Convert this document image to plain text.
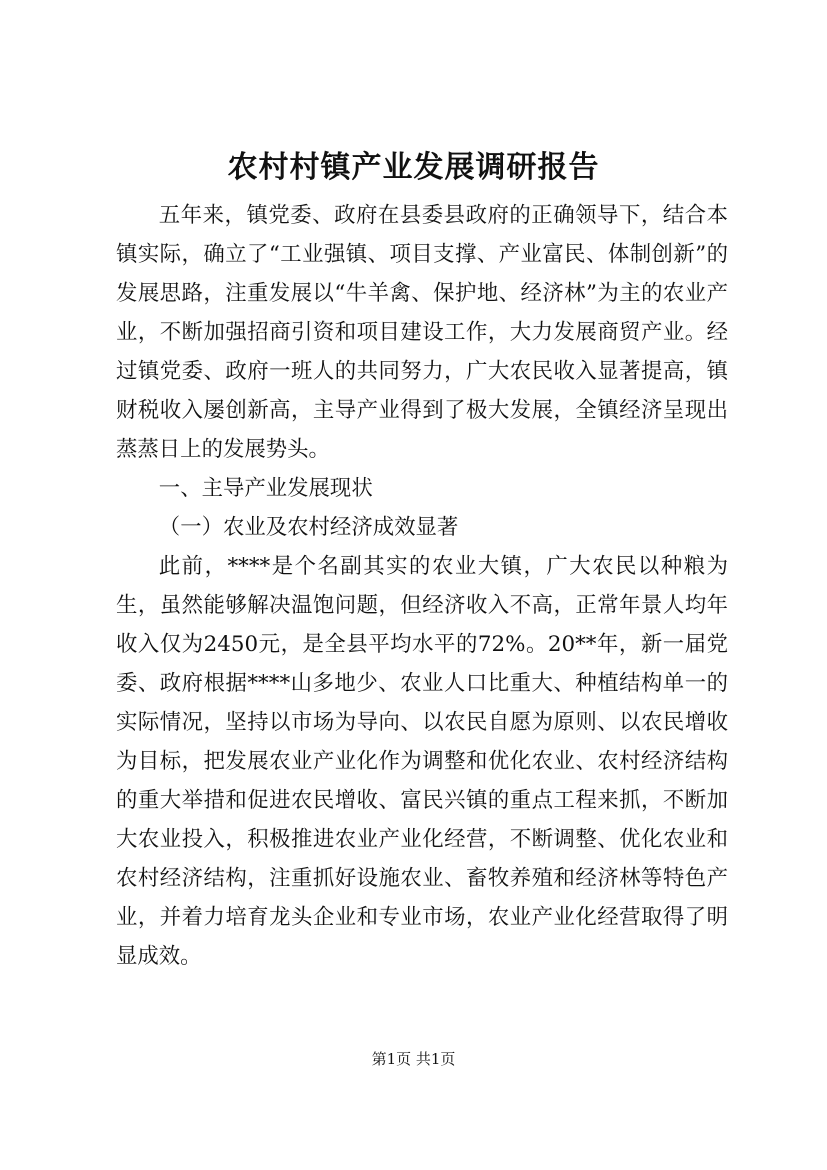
农村村镇产业发展调研报告

五年来，镇党委、政府在县委县政府的正确领导下，结合本镇实际，确立了“工业强镇、项目支撑、产业富民、体制创新”的发展思路，注重发展以“牛羊禽、保护地、经济林”为主的农业产业，不断加强招商引资和项目建设工作，大力发展商贸产业。经过镇党委、政府一班人的共同努力，广大农民收入显著提高，镇财税收入屡创新高，主导产业得到了极大发展，全镇经济呈现出蒸蒸日上的发展势头。

一、主导产业发展现状

（一）农业及农村经济成效显著

此前，****是个名副其实的农业大镇，广大农民以种粮为生，虽然能够解决温饱问题，但经济收入不高，正常年景人均年收入仅为2450元，是全县平均水平的72%。20**年，新一届党委、政府根据****山多地少、农业人口比重大、种植结构单一的实际情况，坚持以市场为导向、以农民自愿为原则、以农民增收为目标，把发展农业产业化作为调整和优化农业、农村经济结构的重大举措和促进农民增收、富民兴镇的重点工程来抓，不断加大农业投入，积极推进农业产业化经营，不断调整、优化农业和农村经济结构，注重抓好设施农业、畜牧养殖和经济林等特色产业，并着力培育龙头企业和专业市场，农业产业化经营取得了明显成效。

第1页 共1页
